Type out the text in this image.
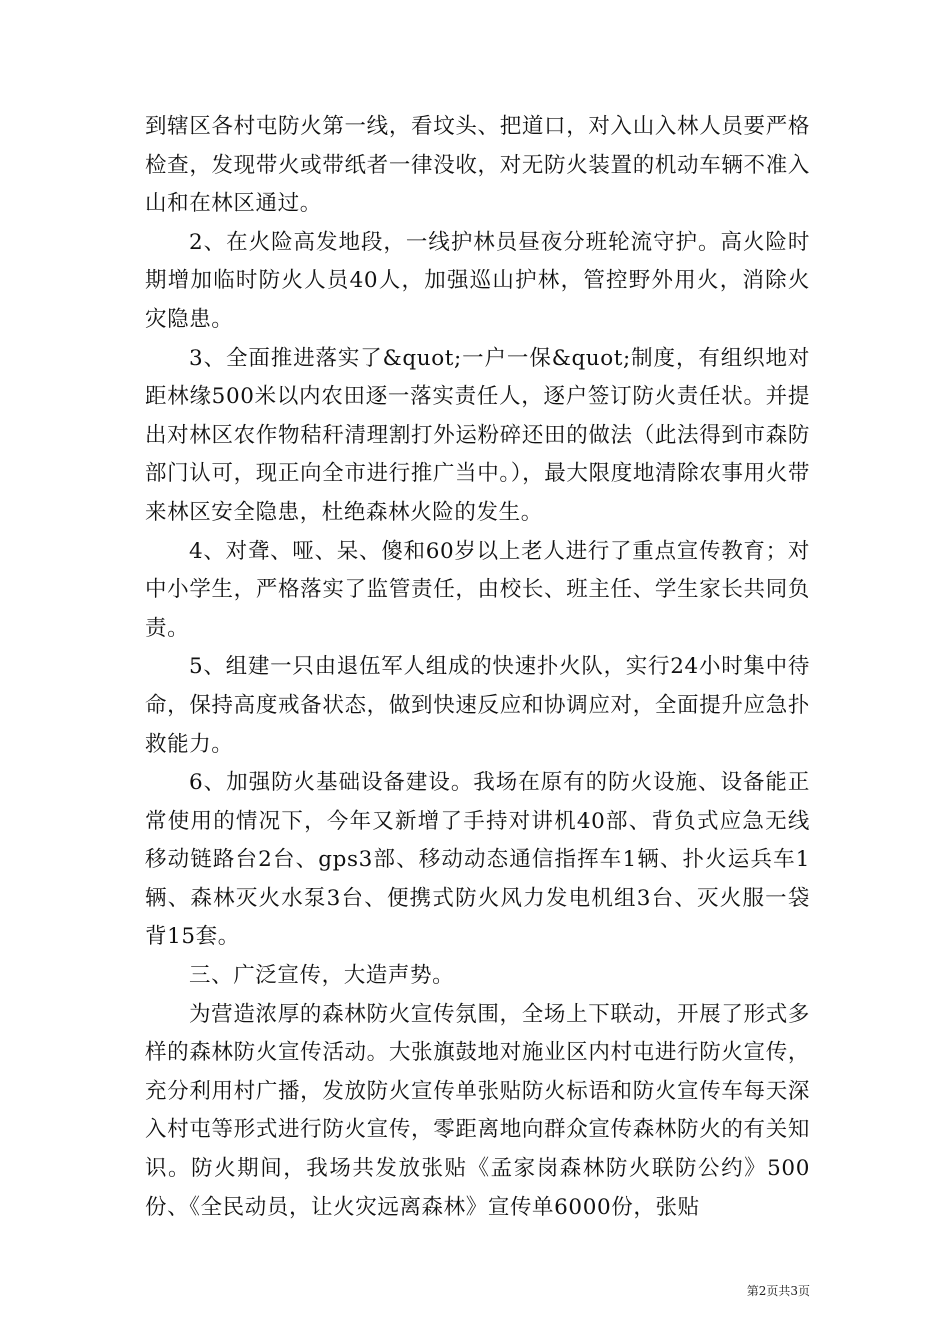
到辖区各村屯防火第一线，看坟头、把道口，对入山入林人员要严格检查，发现带火或带纸者一律没收，对无防火装置的机动车辆不准入山和在林区通过。

2、在火险高发地段，一线护林员昼夜分班轮流守护。高火险时期增加临时防火人员40人，加强巡山护林，管控野外用火，消除火灾隐患。

3、全面推进落实了&quot;一户一保&quot;制度，有组织地对距林缘500米以内农田逐一落实责任人，逐户签订防火责任状。并提出对林区农作物秸秆清理割打外运粉碎还田的做法（此法得到市森防部门认可，现正向全市进行推广当中。），最大限度地清除农事用火带来林区安全隐患，杜绝森林火险的发生。

4、对聋、哑、呆、傻和60岁以上老人进行了重点宣传教育；对中小学生，严格落实了监管责任，由校长、班主任、学生家长共同负责。

5、组建一只由退伍军人组成的快速扑火队，实行24小时集中待命，保持高度戒备状态，做到快速反应和协调应对，全面提升应急扑救能力。

6、加强防火基础设备建设。我场在原有的防火设施、设备能正常使用的情况下，今年又新增了手持对讲机40部、背负式应急无线移动链路台2台、gps3部、移动动态通信指挥车1辆、扑火运兵车1辆、森林灭火水泵3台、便携式防火风力发电机组3台、灭火服一袋背15套。

三、广泛宣传，大造声势。

为营造浓厚的森林防火宣传氛围，全场上下联动，开展了形式多样的森林防火宣传活动。大张旗鼓地对施业区内村屯进行防火宣传，充分利用村广播，发放防火宣传单张贴防火标语和防火宣传车每天深入村屯等形式进行防火宣传，零距离地向群众宣传森林防火的有关知识。防火期间，我场共发放张贴《孟家岗森林防火联防公约》500份、《全民动员，让火灾远离森林》宣传单6000份，张贴

第2页共3页
